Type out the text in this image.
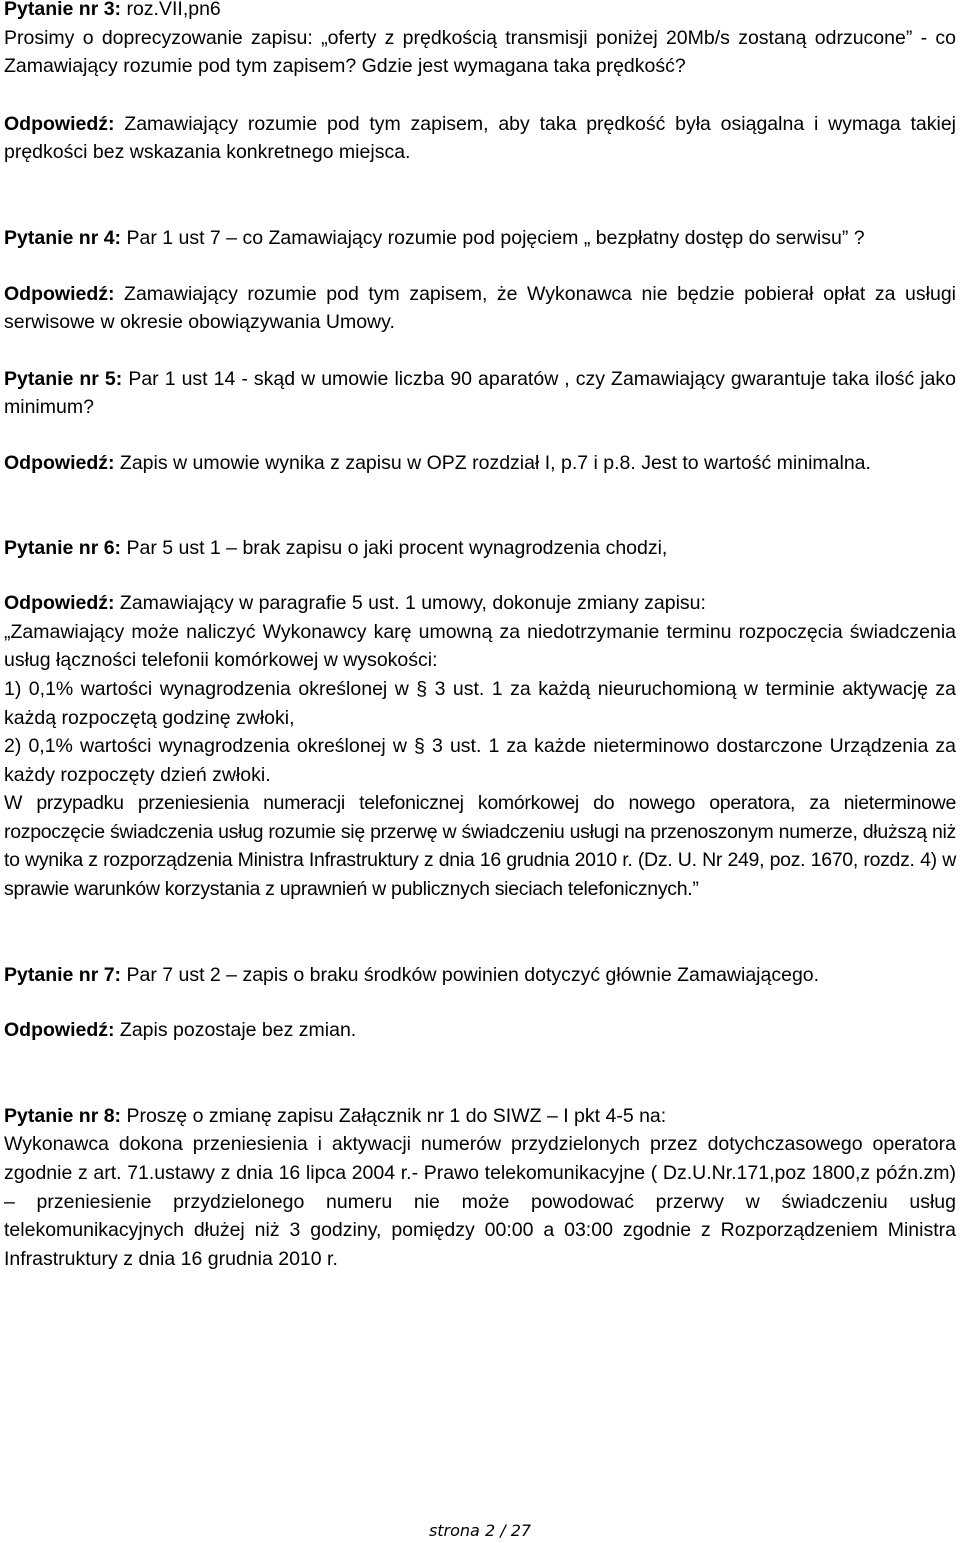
Pytanie nr 3: roz.VII,pn6

Prosimy o doprecyzowanie zapisu: „oferty z prędkością transmisji poniżej 20Mb/s zostaną odrzucone” - co Zamawiający rozumie pod tym zapisem? Gdzie jest wymagana taka prędkość?

Odpowiedź: Zamawiający rozumie pod tym zapisem, aby taka prędkość była osiągalna i wymaga takiej prędkości bez wskazania konkretnego miejsca.

Pytanie nr 4: Par 1 ust 7 – co Zamawiający rozumie pod pojęciem „ bezpłatny dostęp do serwisu” ?

Odpowiedź: Zamawiający rozumie pod tym zapisem, że Wykonawca nie będzie pobierał opłat za usługi serwisowe w okresie obowiązywania Umowy.

Pytanie nr 5: Par 1 ust 14 - skąd w umowie liczba 90 aparatów , czy Zamawiający gwarantuje taka ilość jako minimum?

Odpowiedź: Zapis w umowie wynika z zapisu w OPZ rozdział I, p.7 i p.8. Jest to wartość minimalna.

Pytanie nr 6: Par 5 ust 1 – brak zapisu o jaki procent wynagrodzenia chodzi,

Odpowiedź: Zamawiający w paragrafie 5 ust. 1 umowy, dokonuje zmiany zapisu:

„Zamawiający może naliczyć Wykonawcy karę umowną za niedotrzymanie terminu rozpoczęcia świadczenia usług łączności telefonii komórkowej w wysokości:

1) 0,1% wartości wynagrodzenia określonej w § 3 ust. 1 za każdą nieuruchomioną w terminie aktywację za każdą rozpoczętą godzinę zwłoki,

2) 0,1% wartości wynagrodzenia określonej w § 3 ust. 1 za każde nieterminowo dostarczone Urządzenia za każdy rozpoczęty dzień zwłoki.

W przypadku przeniesienia numeracji telefonicznej komórkowej do nowego operatora, za nieterminowe rozpoczęcie świadczenia usług rozumie się przerwę w świadczeniu usługi na przenoszonym numerze, dłuższą niż to wynika z rozporządzenia Ministra Infrastruktury z dnia 16 grudnia 2010 r. (Dz. U. Nr 249, poz. 1670, rozdz. 4) w sprawie warunków korzystania z uprawnień w publicznych sieciach telefonicznych.”

Pytanie nr 7: Par 7 ust 2 – zapis o braku środków powinien dotyczyć głównie Zamawiającego.

Odpowiedź: Zapis pozostaje bez zmian.

Pytanie nr 8: Proszę o zmianę zapisu Załącznik nr 1 do SIWZ – I pkt 4-5 na:

Wykonawca dokona przeniesienia i aktywacji numerów przydzielonych przez dotychczasowego operatora zgodnie z art. 71.ustawy z dnia 16 lipca 2004 r.- Prawo telekomunikacyjne ( Dz.U.Nr.171,poz 1800,z późn.zm) – przeniesienie przydzielonego numeru nie może powodować przerwy w świadczeniu usług telekomunikacyjnych dłużej niż 3 godziny, pomiędzy 00:00 a 03:00 zgodnie z Rozporządzeniem Ministra Infrastruktury z dnia 16 grudnia 2010 r.

strona 2 / 27
